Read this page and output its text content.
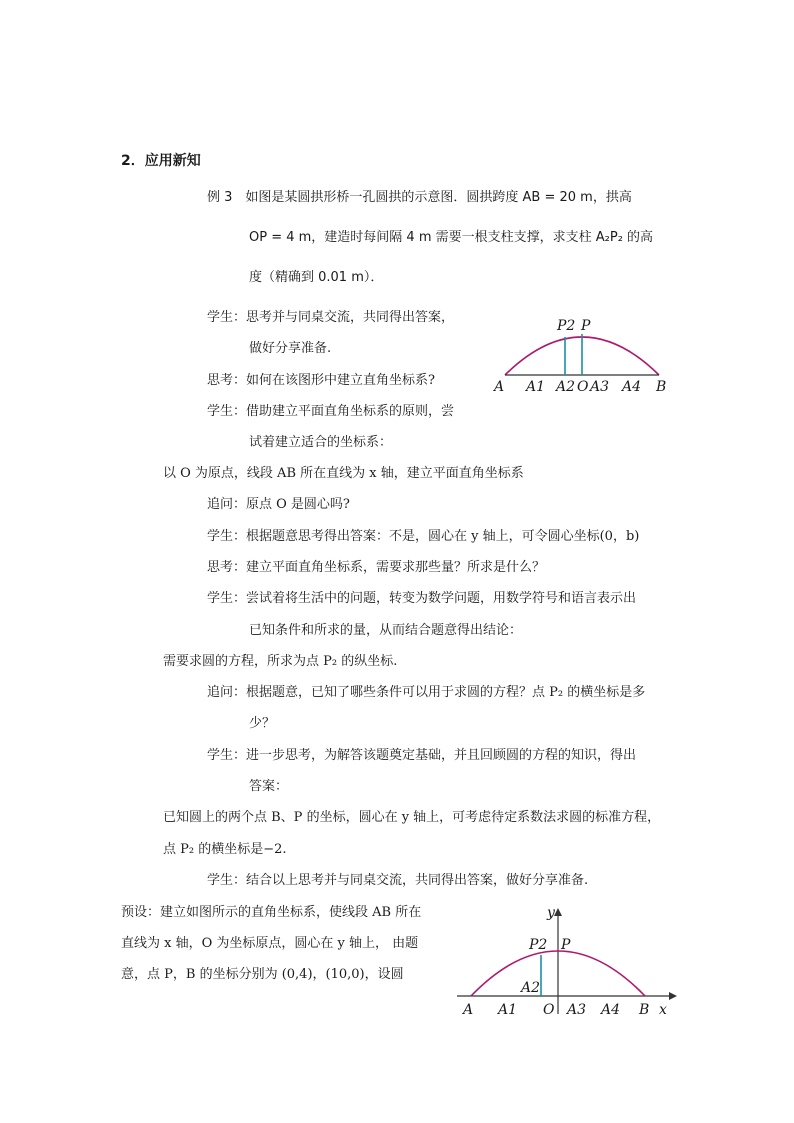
2．应用新知
例 3　如图是某圆拱形桥一孔圆拱的示意图．圆拱跨度 AB = 20 m，拱高
OP = 4 m，建造时每间隔 4 m 需要一根支柱支撑，求支柱 A₂P₂ 的高
度（精确到 0.01 m）．
学生：思考并与同桌交流，共同得出答案，
做好分享准备.
思考：如何在该图形中建立直角坐标系?
学生：借助建立平面直角坐标系的原则，尝
试着建立适合的坐标系：
P2 P
A A1 A2 O A3 A4 B
以 O 为原点，线段 AB 所在直线为 x 轴，建立平面直角坐标系
追问：原点 O 是圆心吗?
学生：根据题意思考得出答案：不是，圆心在 y 轴上，可令圆心坐标(0，b)
思考：建立平面直角坐标系，需要求那些量？所求是什么？
学生：尝试着将生活中的问题，转变为数学问题，用数学符号和语言表示出
已知条件和所求的量，从而结合题意得出结论：
需要求圆的方程，所求为点 P₂ 的纵坐标.
追问：根据题意，已知了哪些条件可以用于求圆的方程？点 P₂ 的横坐标是多
少？
学生：进一步思考，为解答该题奠定基础，并且回顾圆的方程的知识，得出
答案：
已知圆上的两个点 B、P 的坐标，圆心在 y 轴上，可考虑待定系数法求圆的标准方程，
点 P₂ 的横坐标是−2.
学生：结合以上思考并与同桌交流，共同得出答案，做好分享准备.
预设：建立如图所示的直角坐标系，使线段 AB 所在
直线为 x 轴，O 为坐标原点，圆心在 y 轴上， 由题
意，点 P，B 的坐标分别为 (0,4)，(10,0)，设圆
y
P2 P
A2
A A1 O A3 A4 B x
